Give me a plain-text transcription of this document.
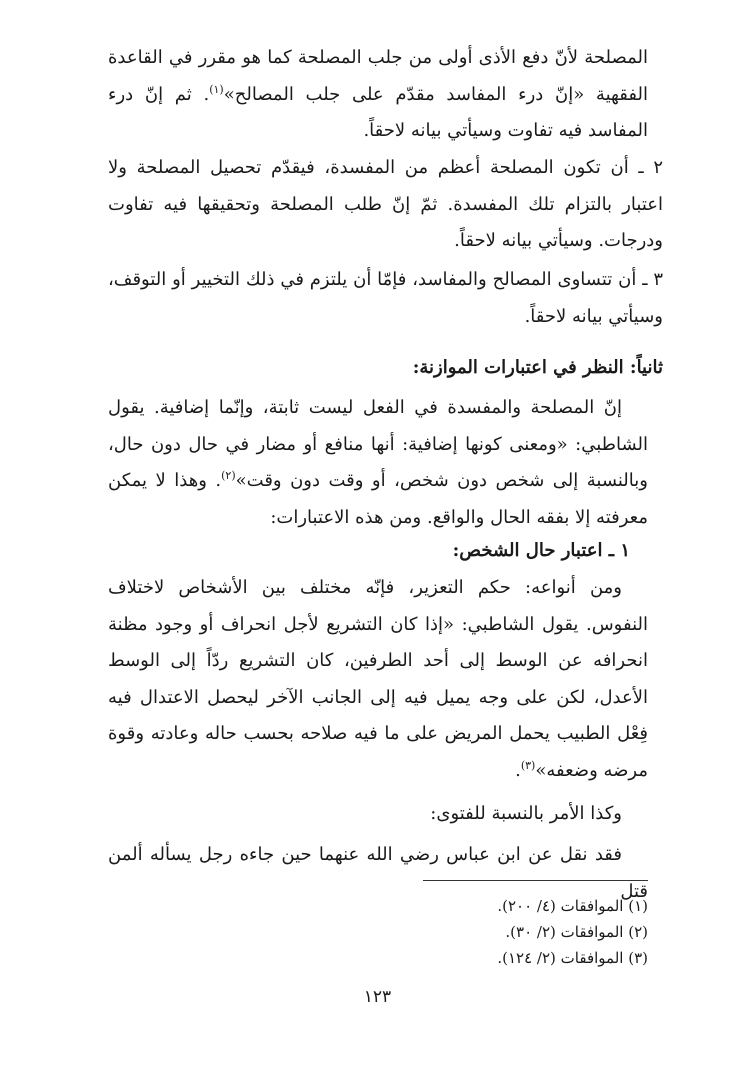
المصلحة لأنّ دفع الأذى أولى من جلب المصلحة كما هو مقرر في القاعدة الفقهية «إنّ درء المفاسد مقدّم على جلب المصالح»$^{(١)}$. ثم إنّ درء المفاسد فيه تفاوت وسيأتي بيانه لاحقاً.
٢ ـ أن تكون المصلحة أعظم من المفسدة، فيقدّم تحصيل المصلحة ولا اعتبار بالتزام تلك المفسدة. ثمّ إنّ طلب المصلحة وتحقيقها فيه تفاوت ودرجات. وسيأتي بيانه لاحقاً.
٣ ـ أن تتساوى المصالح والمفاسد، فإمّا أن يلتزم في ذلك التخيير أو التوقف، وسيأتي بيانه لاحقاً.
ثانياً: النظر في اعتبارات الموازنة:
إنّ المصلحة والمفسدة في الفعل ليست ثابتة، وإنّما إضافية. يقول الشاطبي: «ومعنى كونها إضافية: أنها منافع أو مضار في حال دون حال، وبالنسبة إلى شخص دون شخص، أو وقت دون وقت»$^{(٢)}$. وهذا لا يمكن معرفته إلا بفقه الحال والواقع. ومن هذه الاعتبارات:
١ ـ اعتبار حال الشخص:
ومن أنواعه: حكم التعزير، فإنّه مختلف بين الأشخاص لاختلاف النفوس. يقول الشاطبي: «إذا كان التشريع لأجل انحراف أو وجود مظنة انحرافه عن الوسط إلى أحد الطرفين، كان التشريع ردّاً إلى الوسط الأعدل، لكن على وجه يميل فيه إلى الجانب الآخر ليحصل الاعتدال فيه فِعْل الطبيب يحمل المريض على ما فيه صلاحه بحسب حاله وعادته وقوة مرضه وضعفه»$^{(٣)}$.
وكذا الأمر بالنسبة للفتوى:
فقد نقل عن ابن عباس رضي الله عنهما حين جاءه رجل يسأله ألمن قتل
(١) الموافقات (٤/ ٢٠٠).
(٢) الموافقات (٢/ ٣٠).
(٣) الموافقات (٢/ ١٢٤).
١٢٣
